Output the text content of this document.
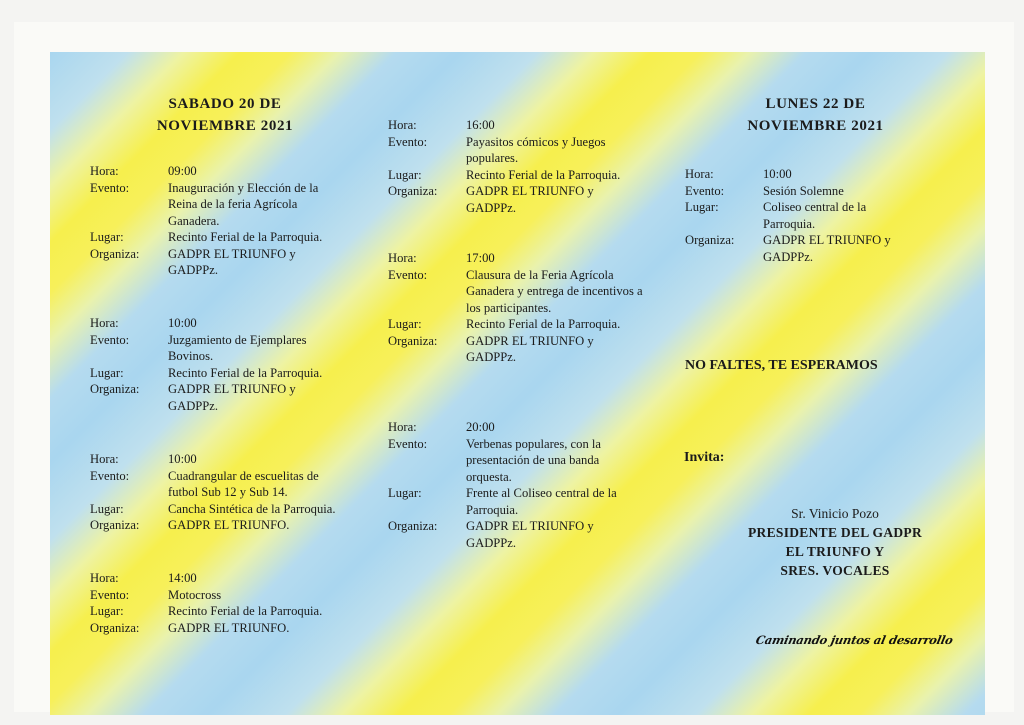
SABADO 20 DE
NOVIEMBRE 2021
Hora:	09:00
Evento:	Inauguración y Elección de la Reina de la feria Agrícola Ganadera.
Lugar:	Recinto Ferial de la Parroquia.
Organiza: GADPR EL TRIUNFO y GADPPz.
Hora:	10:00
Evento:	Juzgamiento de Ejemplares Bovinos.
Lugar:	Recinto Ferial de la Parroquia.
Organiza: GADPR EL TRIUNFO y GADPPz.
Hora:	10:00
Evento:	Cuadrangular de escuelitas de futbol Sub 12 y Sub 14.
Lugar:	Cancha Sintética de la Parroquia.
Organiza: GADPR EL TRIUNFO.
Hora:	14:00
Evento:	Motocross
Lugar:	Recinto Ferial de la Parroquia.
Organiza: GADPR EL TRIUNFO.
Hora:	16:00
Evento:	Payasitos cómicos y Juegos populares.
Lugar:	Recinto Ferial de la Parroquia.
Organiza: GADPR EL TRIUNFO y GADPPz.
Hora:	17:00
Evento:	Clausura de la Feria Agrícola Ganadera y entrega de incentivos a los participantes.
Lugar:	Recinto Ferial de la Parroquia.
Organiza: GADPR EL TRIUNFO y GADPPz.
Hora:	20:00
Evento:	Verbenas populares, con la presentación de una banda orquesta.
Lugar:	Frente al Coliseo central de la Parroquia.
Organiza: GADPR EL TRIUNFO y GADPPz.
LUNES 22 DE
NOVIEMBRE 2021
Hora:	10:00
Evento:	Sesión Solemne
Lugar:	Coliseo central de la Parroquia.
Organiza: GADPR EL TRIUNFO y GADPPz.
NO FALTES, TE ESPERAMOS
Invita:
Sr. Vinicio Pozo
PRESIDENTE DEL GADPR
EL TRIUNFO Y
SRES. VOCALES
Caminando juntos al desarrollo
